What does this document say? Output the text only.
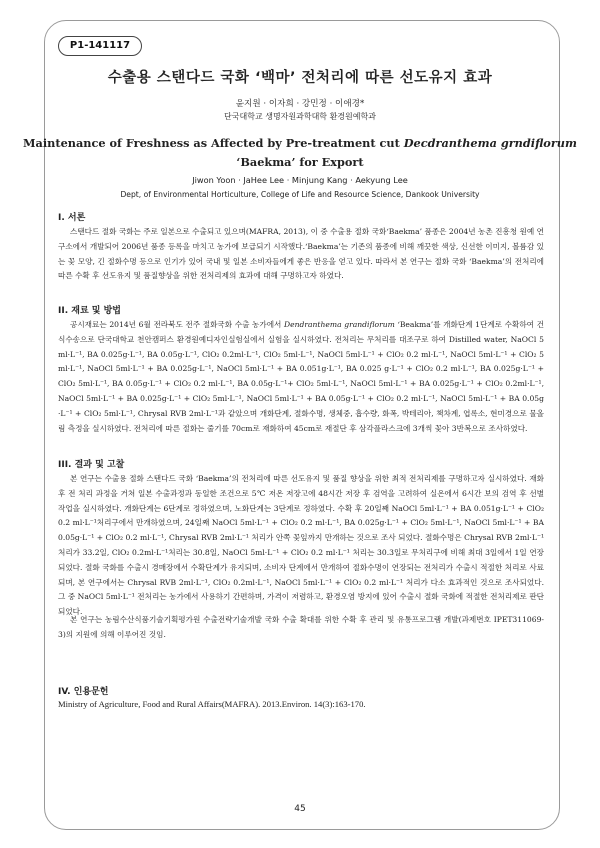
P1-141117
수출용 스탠다드 국화 ‘백마’ 전처리에 따른 선도유지 효과
윤지원 · 이자희 · 강민정 · 이애경*
단국대학교 생명자원과학대학 환경원예학과
Maintenance of Freshness as Affected by Pre-treatment cut Decdranthema grndiflorum
‘Baekma’ for Export
Jiwon Yoon · JaHee Lee · Minjung Kang · Aekyung Lee
Dept, of Environmental Horticulture, College of Life and Resource Science, Dankook University
I. 서론
스탠다드 절화 국화는 주로 일본으로 수출되고 있으며(MAFRA, 2013), 이 중 수출용 절화 국화‘Baekma’ 품종은 2004년 농촌 진흥청 원예 연구소에서 개발되어 2006년 품종 등록을 마치고 농가에 보급되기 시작했다.‘Baekma’는 기존의 품종에 비해 깨끗한 색상, 신선한 이미지, 볼륨감 있는 꽃 모양, 긴 절화수명 등으로 인기가 있어 국내 및 일본 소비자들에게 좋은 반응을 얻고 있다. 따라서 본 연구는 절화 국화 ‘Baekma’의 전처리에 따른 수확 후 선도유지 및 품질향상을 위한 전처리제의 효과에 대해 구명하고자 하였다.
II. 재료 및 방법
공시재료는 2014년 6월 전라북도 전주 절화국화 수출 농가에서 Dendranthema grandiflorum ‘Beakma’를 개화단계 1단계로 수확하여 건식수송으로 단국대학교 천안캠퍼스 환경원예디자인실험실에서 실험을 실시하였다. 전처리는 무처리를 대조구로 하여 Distilled water, NaOCl 5ml·L⁻¹, BA 0.025g·L⁻¹, BA 0.05g·L⁻¹, ClO₂ 0.2ml·L⁻¹, ClO₂ 5ml·L⁻¹, NaOCl 5ml·L⁻¹ + ClO₂ 0.2 ml·L⁻¹, NaOCl 5ml·L⁻¹ + ClO₂ 5ml·L⁻¹, NaOCl 5ml·L⁻¹ + BA 0.025g·L⁻¹, NaOCl 5ml·L⁻¹ + BA 0.051g·L⁻¹, BA 0.025 g·L⁻¹ + ClO₂ 0.2 ml·L⁻¹, BA 0.025g·L⁻¹ + ClO₂ 5ml·L⁻¹, BA 0.05g·L⁻¹ + ClO₂ 0.2 ml·L⁻¹, BA 0.05g·L⁻¹+ ClO₂ 5ml·L⁻¹, NaOCl 5ml·L⁻¹ + BA 0.025g·L⁻¹ + ClO₂ 0.2ml·L⁻¹, NaOCl 5ml·L⁻¹ + BA 0.025g·L⁻¹ + ClO₂ 5ml·L⁻¹, NaOCl 5ml·L⁻¹ + BA 0.05g·L⁻¹ + ClO₂ 0.2 ml·L⁻¹, NaOCl 5ml·L⁻¹ + BA 0.05g·L⁻¹ + ClO₂ 5ml·L⁻¹, Chrysal RVB 2ml·L⁻¹과 같았으며 개화단계, 절화수명, 생체중, 흡수량, 화폭, 박테리아, 책차계, 엽록소, 현미경으로 물올림 측정을 실시하였다. 전처리에 따른 절화는 줄기를 70cm로 재화하여 45cm로 재절단 후 삼각플라스크에 3개씩 꽃아 3반복으로 조사하였다.
III. 결과 및 고찰
본 연구는 수출용 절화 스탠다드 국화 ‘Baekma’의 전처리에 따른 선도유지 및 품질 향상을 위한 최적 전처리제를 구명하고자 실시하였다. 재화 후 전 처리 과정을 거쳐 일본 수출과정과 동일한 조건으로 5℃ 저온 저장고에 48시간 저장 후 검역을 고려하여 실온에서 6시간 보의 검역 후 선별 작업을 실시하였다. 개화단계는 6단계로 정하였으며, 노화단계는 3단계로 정하였다. 수확 후 20일째 NaOCl 5ml·L⁻¹ + BA 0.051g·L⁻¹ + ClO₂ 0.2 ml·L⁻¹처리구에서 만개하였으며, 24일째 NaOCl 5ml·L⁻¹ + ClO₂ 0.2 ml·L⁻¹, BA 0.025g·L⁻¹ + ClO₂ 5ml·L⁻¹, NaOCl 5ml·L⁻¹ + BA 0.05g·L⁻¹ + ClO₂ 0.2 ml·L⁻¹, Chrysal RVB 2ml·L⁻¹ 처리가 안쪽 꽃잎까지 만개하는 것으로 조사 되었다. 절화수명은 Chrysal RVB 2ml·L⁻¹ 처리가 33.2일, ClO₂ 0.2ml·L⁻¹처리는 30.8일, NaOCl 5ml·L⁻¹ + ClO₂ 0.2 ml·L⁻¹ 처리는 30.3일로 무처리구에 비해 최대 3일에서 1일 연장되었다. 절화 국화를 수출시 경매장에서 수확단계가 유지되며, 소비자 단계에서 만개하여 절화수명이 연장되는 전처리가 수출시 적절한 처리로 사료되며, 본 연구에서는 Chrysal RVB 2ml·L⁻¹, ClO₂ 0.2ml·L⁻¹, NaOCl 5ml·L⁻¹ + ClO₂ 0.2 ml·L⁻¹ 처리가 다소 효과적인 것으로 조사되었다. 그 중 NaOCl 5ml·L⁻¹ 전처리는 농가에서 사용하기 간편하며, 가격이 저렴하고, 환경오염 방지에 있어 수출시 절화 국화에 적절한 전처리제로 판단되었다.
본 연구는 농림수산식품기술기획평가원 수출전략기술개발 국화 수출 확대를 위한 수확 후 관리 및 유통프로그램 개발(과제번호 IPET311069-3)의 지원에 의해 이루어진 것임.
IV. 인용문헌
Ministry of Agriculture, Food and Rural Affairs(MAFRA). 2013.Environ. 14(3):163-170.
45
